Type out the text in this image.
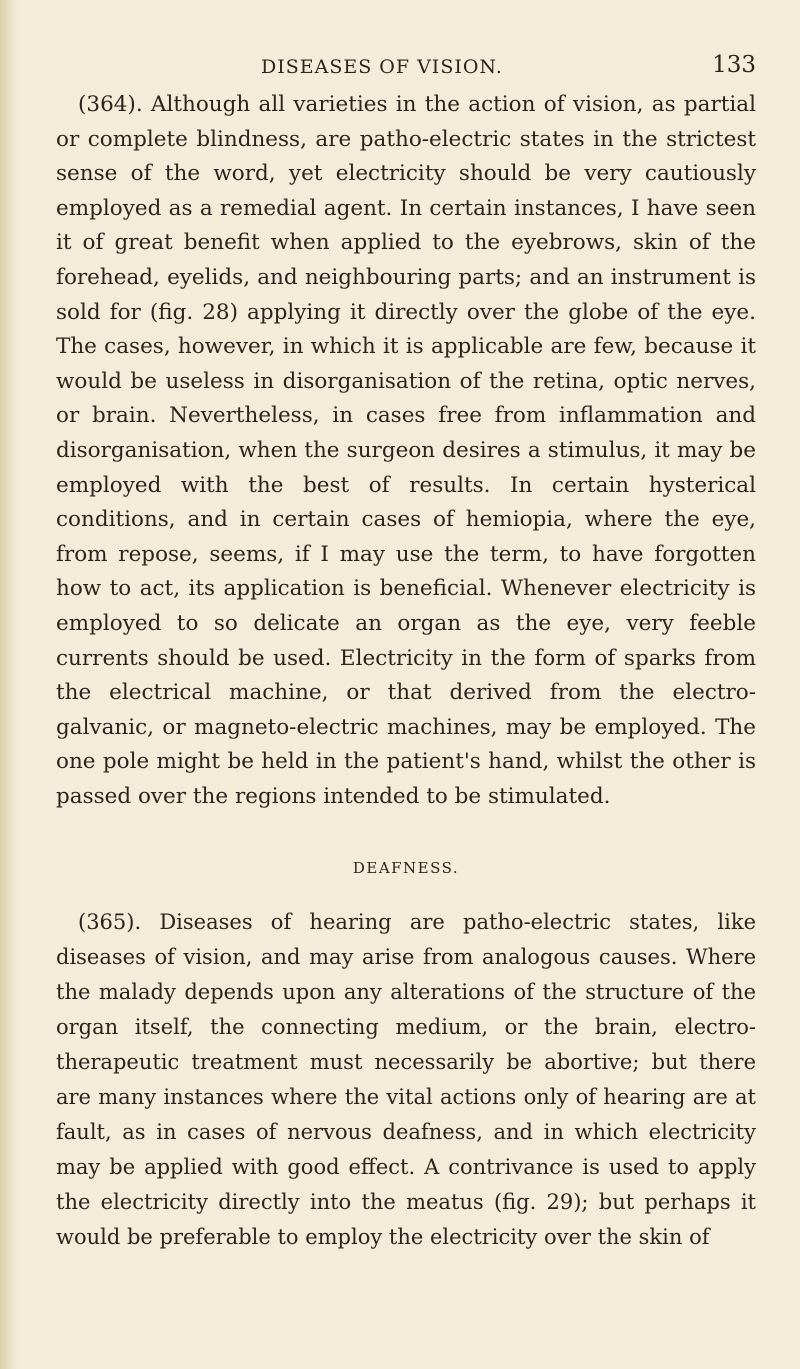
DISEASES OF VISION.	133

(364). Although all varieties in the action of vision, as partial or complete blindness, are patho-electric states in the strictest sense of the word, yet electricity should be very cautiously employed as a remedial agent. In certain instances, I have seen it of great benefit when applied to the eyebrows, skin of the forehead, eyelids, and neighbouring parts; and an instrument is sold for (fig. 28) applying it directly over the globe of the eye. The cases, however, in which it is applicable are few, because it would be useless in disorganisation of the retina, optic nerves, or brain. Nevertheless, in cases free from inflammation and disorganisation, when the surgeon desires a stimulus, it may be employed with the best of results. In certain hysterical conditions, and in certain cases of hemiopia, where the eye, from repose, seems, if I may use the term, to have forgotten how to act, its application is beneficial. Whenever electricity is employed to so delicate an organ as the eye, very feeble currents should be used. Electricity in the form of sparks from the electrical machine, or that derived from the electro-galvanic, or magneto-electric machines, may be employed. The one pole might be held in the patient's hand, whilst the other is passed over the regions intended to be stimulated.

DEAFNESS.

(365). Diseases of hearing are patho-electric states, like diseases of vision, and may arise from analogous causes. Where the malady depends upon any alterations of the structure of the organ itself, the connecting medium, or the brain, electro-therapeutic treatment must necessarily be abortive; but there are many instances where the vital actions only of hearing are at fault, as in cases of nervous deafness, and in which electricity may be applied with good effect. A contrivance is used to apply the electricity directly into the meatus (fig. 29); but perhaps it would be preferable to employ the electricity over the skin of
